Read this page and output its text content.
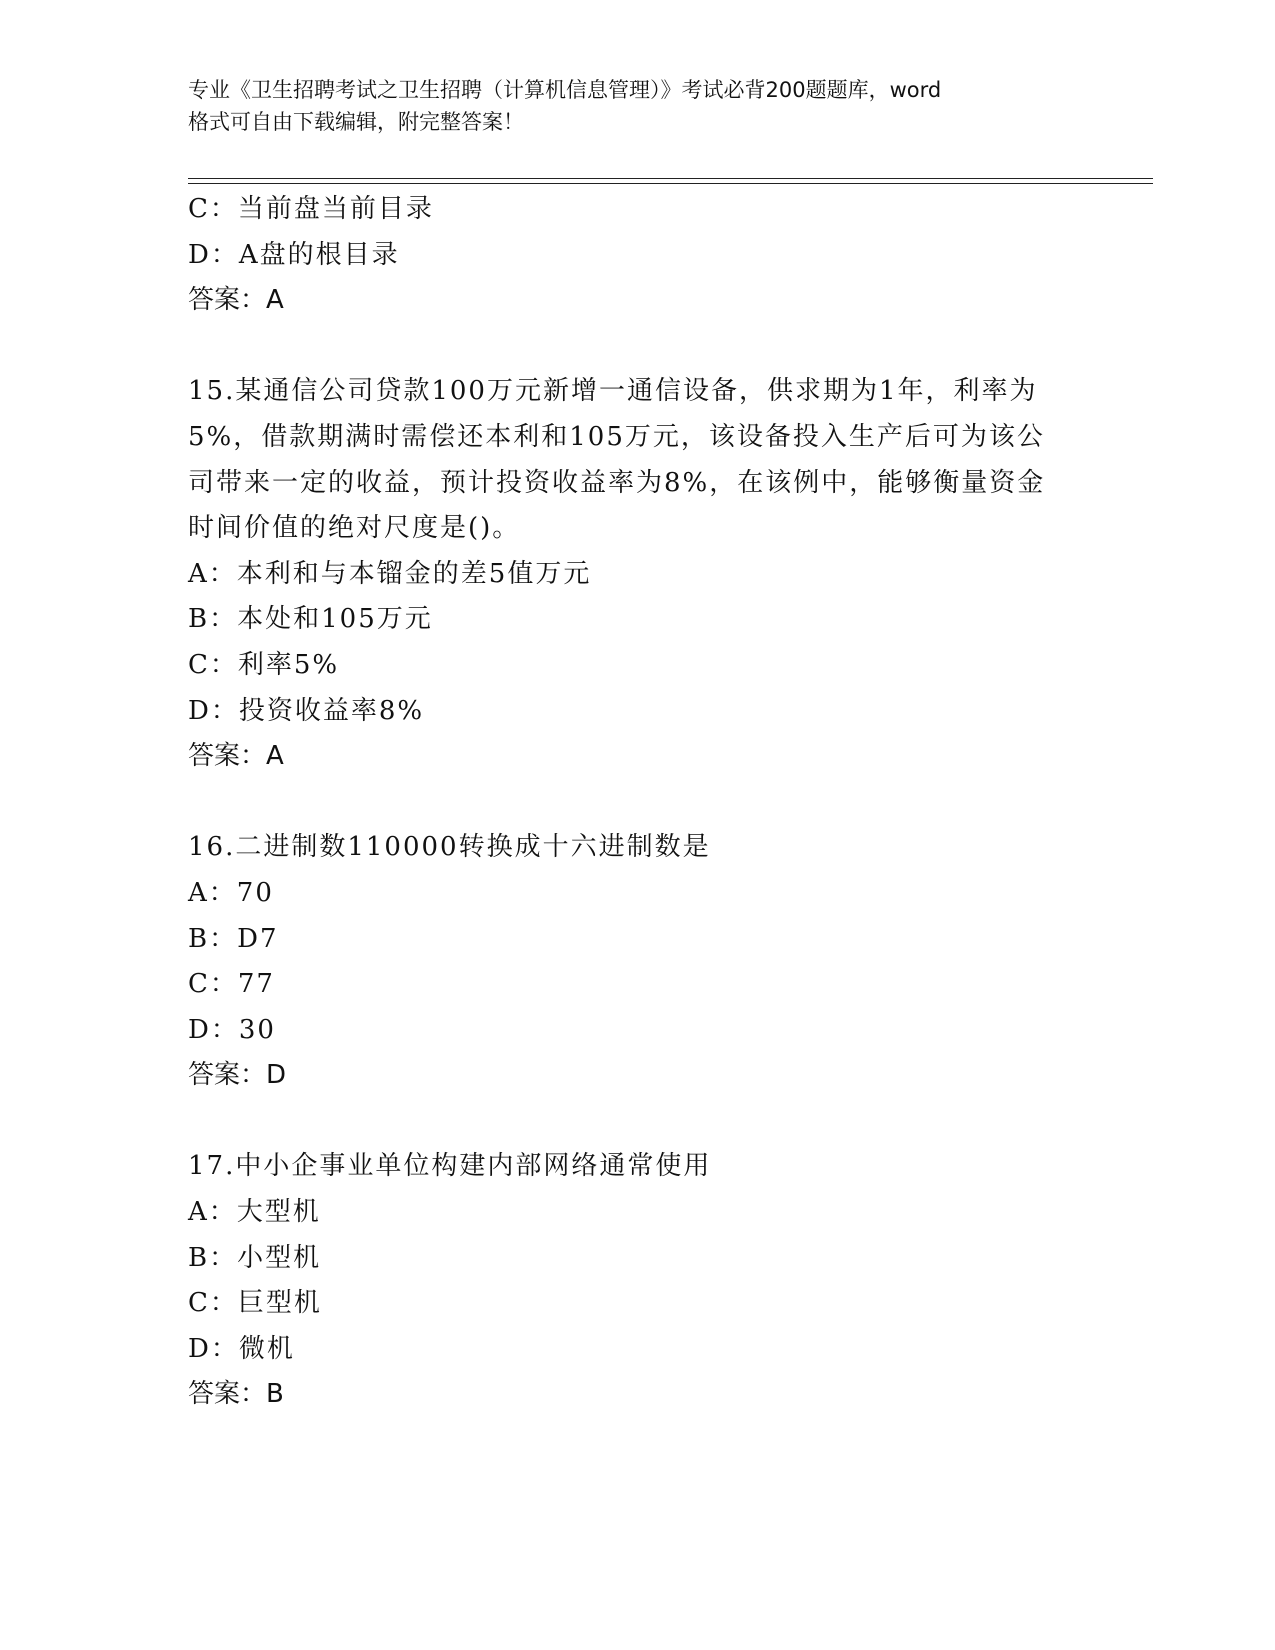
专业《卫生招聘考试之卫生招聘（计算机信息管理）》考试必背200题题库，word
格式可自由下载编辑，附完整答案！
C：当前盘当前目录
D：A盘的根目录
答案：A
15.某通信公司贷款100万元新增一通信设备，供求期为1年，利率为
5%，借款期满时需偿还本利和105万元，该设备投入生产后可为该公
司带来一定的收益，预计投资收益率为8%，在该例中，能够衡量资金
时间价值的绝对尺度是()。
A：本利和与本镏金的差5值万元
B：本处和105万元
C：利率5%
D：投资收益率8%
答案：A
16.二进制数110000转换成十六进制数是
A：70
B：D7
C：77
D：30
答案：D
17.中小企事业单位构建内部网络通常使用
A：大型机
B：小型机
C：巨型机
D：微机
答案：B
